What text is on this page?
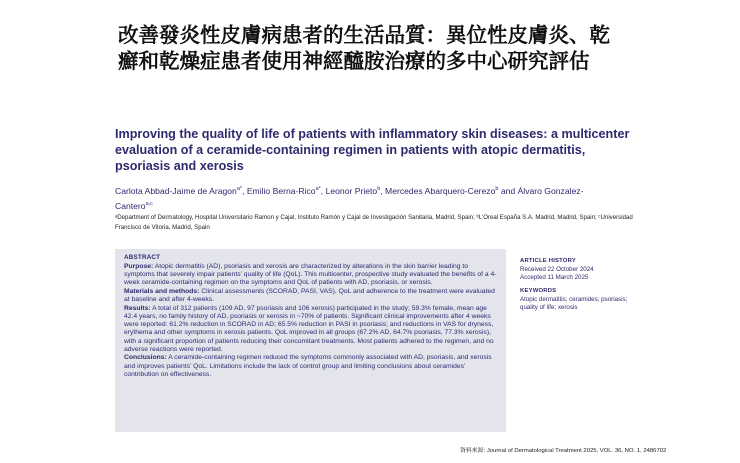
改善發炎性皮膚病患者的生活品質：異位性皮膚炎、乾癬和乾燥症患者使用神經醯胺治療的多中心研究評估
Improving the quality of life of patients with inflammatory skin diseases: a multicenter evaluation of a ceramide-containing regimen in patients with atopic dermatitis, psoriasis and xerosis
Carlota Abbad-Jaime de Aragon$^{a*}$, Emilio Berna-Rico$^{a*}$, Leonor Prieto$^b$, Mercedes Abarquero-Cerezo$^b$ and Álvaro Gonzalez-Cantero$^{a,c}$
ᵃDepartment of Dermatology, Hospital Universitario Ramon y Cajal, Instituto Ramón y Cajal de Investigación Sanitaria, Madrid, Spain; ᵇL’Oreal España S.A. Madrid, Madrid, Spain; ᶜUniversidad Francisco de Vitoria, Madrid, Spain
ABSTRACT

Purpose: Atopic dermatitis (AD), psoriasis and xerosis are characterized by alterations in the skin barrier leading to symptoms that severely impair patients’ quality of life (QoL). This multicenter, prospective study evaluated the benefits of a 4-week ceramide-containing regimen on the symptoms and QoL of patients with AD, psoriasis, or xerosis.

Materials and methods: Clinical assessments (SCORAD, PASI, VAS), QoL and adherence to the treatment were evaluated at baseline and after 4-weeks.

Results: A total of 312 patients (109 AD, 97 psoriasis and 106 xerosis) participated in the study; 59.3% female, mean age 42.4 years, no family history of AD, psoriasis or xerosis in ~70% of patients. Significant clinical improvements after 4 weeks were reported: 61.2% reduction in SCORAD in AD; 65.5% reduction in PASI in psoriasis; and reductions in VAS for dryness, erythema and other symptoms in xerosis patients. QoL improved in all groups (67.2% AD, 64.7% psoriasis, 77.3% xerosis), with a significant proportion of patients reducing their concomitant treatments. Most patients adhered to the regimen, and no adverse reactions were reported.

Conclusions: A ceramide-containing regimen reduced the symptoms commonly associated with AD, psoriasis, and xerosis and improves patients’ QoL. Limitations include the lack of control group and limiting conclusions about ceramides’ contribution on effectiveness.

ARTICLE HISTORY
Received 22 October 2024
Accepted 11 March 2025
KEYWORDS
Atopic dermatitis; ceramides; psoriasis; quality of life; xerosis
資料來源: Journal of Dermatological Treatment 2025, VOL. 36, NO. 1, 2486702
